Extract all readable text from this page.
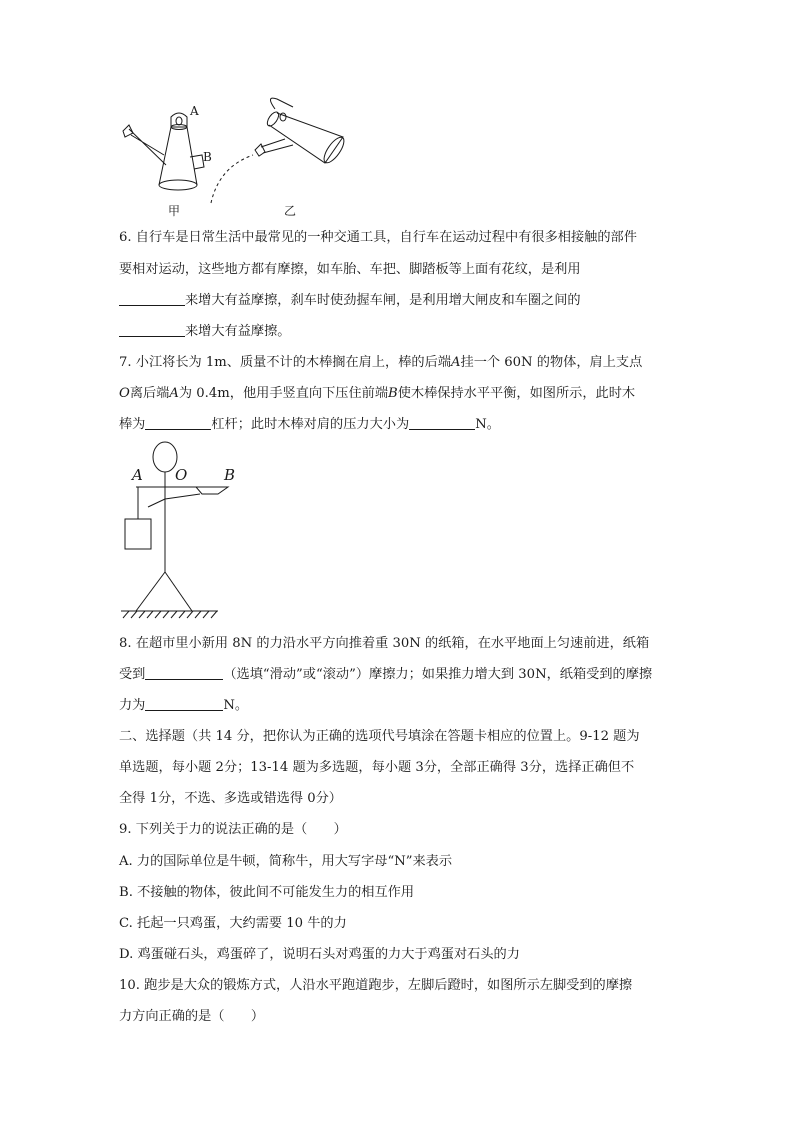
A
B
甲	乙
6. 自行车是日常生活中最常见的一种交通工具，自行车在运动过程中有很多相接触的部件
要相对运动，这些地方都有摩擦，如车胎、车把、脚踏板等上面有花纹，是利用
来增大有益摩擦，刹车时使劲握车闸，是利用增大闸皮和车圈之间的
来增大有益摩擦。
7. 小江将长为 1m、质量不计的木棒搁在肩上，棒的后端A挂一个 60N 的物体，肩上支点
O离后端A为 0.4m，他用手竖直向下压住前端B使木棒保持水平平衡，如图所示，此时木
棒为	杠杆；此时木棒对肩的压力大小为	N。
A O B
8. 在超市里小新用 8N 的力沿水平方向推着重 30N 的纸箱，在水平地面上匀速前进，纸箱
受到	（选填“滑动”或“滚动”）摩擦力；如果推力增大到 30N，纸箱受到的摩擦
力为	N。
二、选择题（共 14 分，把你认为正确的选项代号填涂在答题卡相应的位置上。9-12 题为
单选题，每小题 2分；13-14 题为多选题，每小题 3分，全部正确得 3分，选择正确但不
全得 1分，不选、多选或错选得 0分）
9. 下列关于力的说法正确的是（　　）
A. 力的国际单位是牛顿，简称牛，用大写字母“N”来表示
B. 不接触的物体，彼此间不可能发生力的相互作用
C. 托起一只鸡蛋，大约需要 10 牛的力
D. 鸡蛋碰石头，鸡蛋碎了，说明石头对鸡蛋的力大于鸡蛋对石头的力
10. 跑步是大众的锻炼方式，人沿水平跑道跑步，左脚后蹬时，如图所示左脚受到的摩擦
力方向正确的是（　　）
